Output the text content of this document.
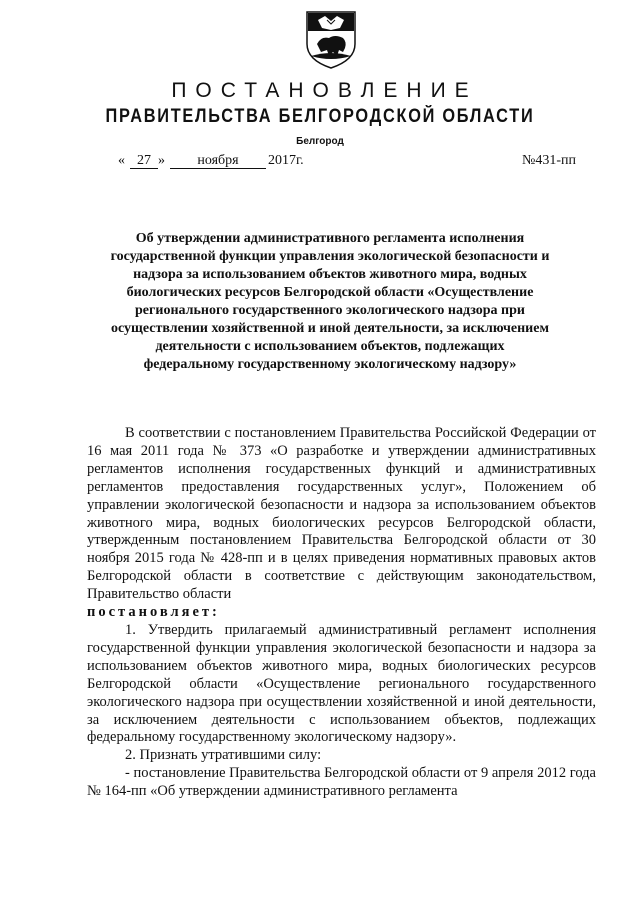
ПОСТАНОВЛЕНИЕ
ПРАВИТЕЛЬСТВА БЕЛГОРОДСКОЙ ОБЛАСТИ
Белгород
« 27 »	ноября	2017г.	№431-пп
Об утверждении административного регламента исполнения государственной функции управления экологической безопасности и надзора за использованием объектов животного мира, водных биологических ресурсов Белгородской области «Осуществление регионального государственного экологического надзора при осуществлении хозяйственной и иной деятельности, за исключением деятельности с использованием объектов, подлежащих федеральному государственному экологическому надзору»

В соответствии с постановлением Правительства Российской Федерации от 16 мая 2011 года № 373 «О разработке и утверждении административных регламентов исполнения государственных функций и административных регламентов предоставления государственных услуг», Положением об управлении экологической безопасности и надзора за использованием объектов животного мира, водных биологических ресурсов Белгородской области, утвержденным постановлением Правительства Белгородской области от 30 ноября 2015 года № 428-пп и в целях приведения нормативных правовых актов Белгородской области в соответствие с действующим законодательством, Правительство области

постановляет:

1. Утвердить прилагаемый административный регламент исполнения государственной функции управления экологической безопасности и надзора за использованием объектов животного мира, водных биологических ресурсов Белгородской области «Осуществление регионального государственного экологического надзора при осуществлении хозяйственной и иной деятельности, за исключением деятельности с использованием объектов, подлежащих федеральному государственному экологическому надзору».

2. Признать утратившими силу:

- постановление Правительства Белгородской области от 9 апреля 2012 года № 164-пп «Об утверждении административного регламента
